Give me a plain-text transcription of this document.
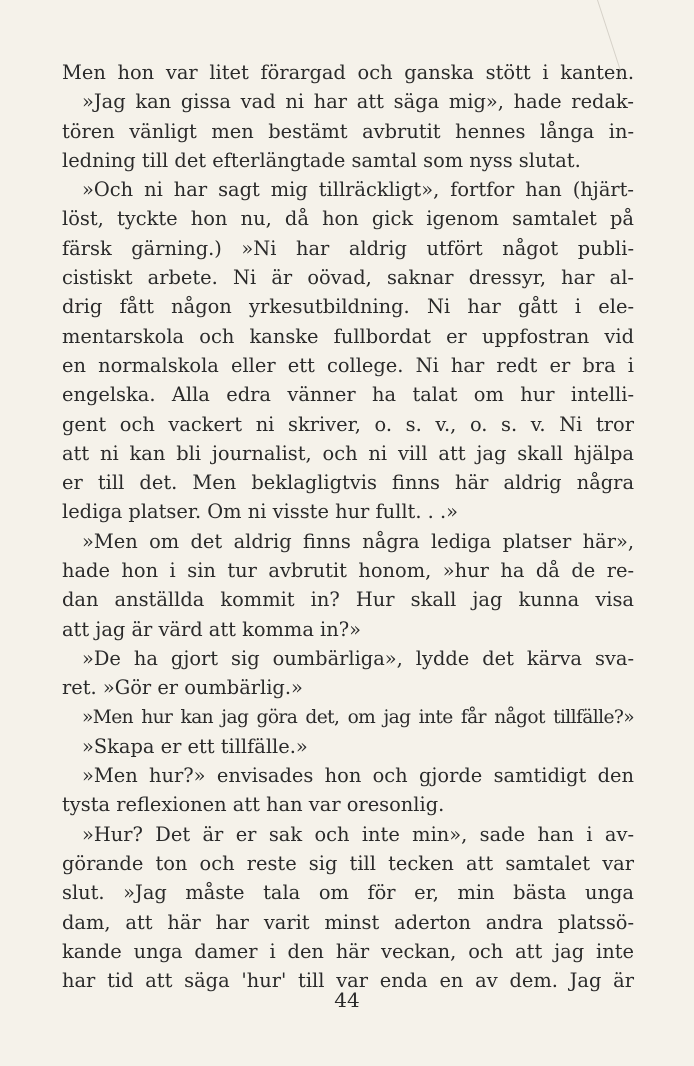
Men hon var litet förargad och ganska stött i kanten.
»Jag kan gissa vad ni har att säga mig», hade redak-
tören vänligt men bestämt avbrutit hennes långa in-
ledning till det efterlängtade samtal som nyss slutat.
»Och ni har sagt mig tillräckligt», fortfor han (hjärt-
löst, tyckte hon nu, då hon gick igenom samtalet på
färsk gärning.) »Ni har aldrig utfört något publi-
cistiskt arbete. Ni är oövad, saknar dressyr, har al-
drig fått någon yrkesutbildning. Ni har gått i ele-
mentarskola och kanske fullbordat er uppfostran vid
en normalskola eller ett college. Ni har redt er bra i
engelska. Alla edra vänner ha talat om hur intelli-
gent och vackert ni skriver, o. s. v., o. s. v. Ni tror
att ni kan bli journalist, och ni vill att jag skall hjälpa
er till det. Men beklagligtvis finns här aldrig några
lediga platser. Om ni visste hur fullt. . .»
»Men om det aldrig finns några lediga platser här»,
hade hon i sin tur avbrutit honom, »hur ha då de re-
dan anställda kommit in? Hur skall jag kunna visa
att jag är värd att komma in?»
»De ha gjort sig oumbärliga», lydde det kärva sva-
ret. »Gör er oumbärlig.»
»Men hur kan jag göra det, om jag inte får något tillfälle?»
»Skapa er ett tillfälle.»
»Men hur?» envisades hon och gjorde samtidigt den
tysta reflexionen att han var oresonlig.
»Hur? Det är er sak och inte min», sade han i av-
görande ton och reste sig till tecken att samtalet var
slut. »Jag måste tala om för er, min bästa unga
dam, att här har varit minst aderton andra platssö-
kande unga damer i den här veckan, och att jag inte
har tid att säga 'hur' till var enda en av dem. Jag är
44
